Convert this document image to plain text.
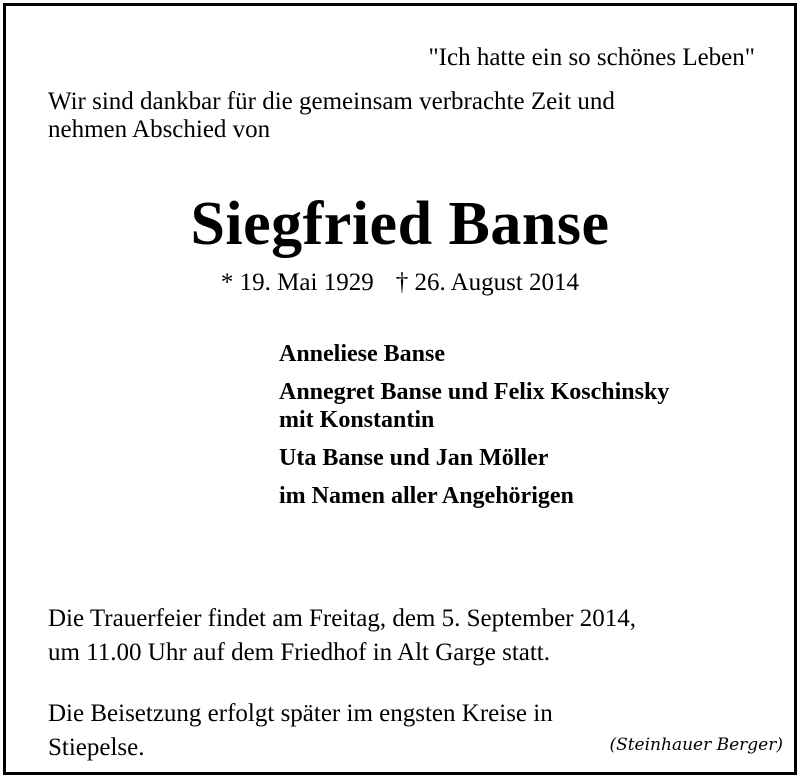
"Ich hatte ein so schönes Leben"
Wir sind dankbar für die gemeinsam verbrachte Zeit und
nehmen Abschied von
Siegfried Banse
* 19. Mai 1929 † 26. August 2014
Anneliese Banse
Annegret Banse und Felix Koschinsky
mit Konstantin
Uta Banse und Jan Möller
im Namen aller Angehörigen
Die Trauerfeier findet am Freitag, dem 5. September 2014,
um 11.00 Uhr auf dem Friedhof in Alt Garge statt.
Die Beisetzung erfolgt später im engsten Kreise in
Stiepelse.	(Steinhauer Berger)
